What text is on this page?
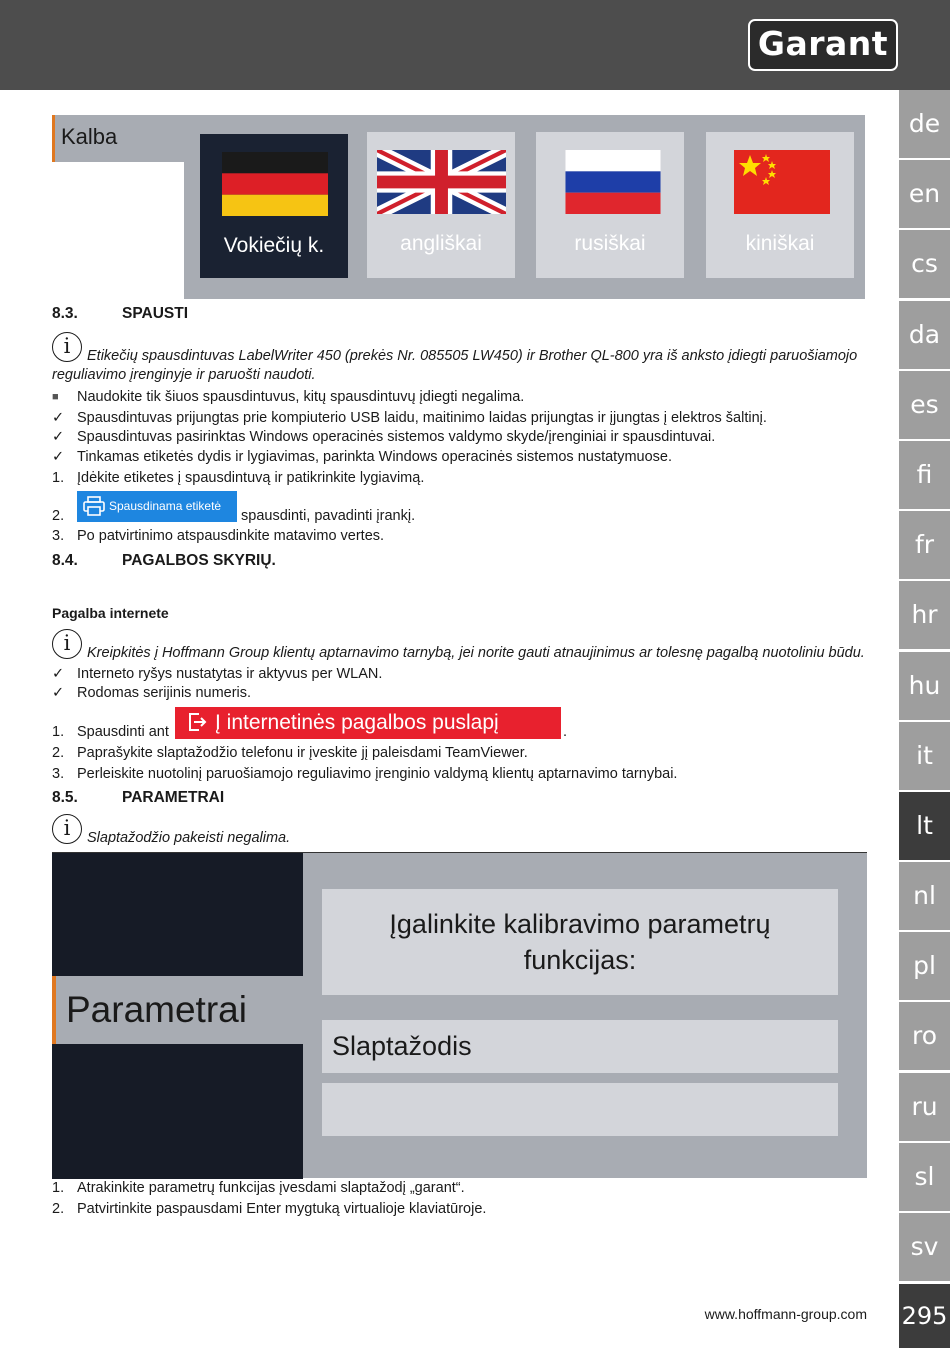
Garant
de
en
cs
da
es
fi
fr
hr
hu
it
lt
nl
pl
ro
ru
sl
sv
295
Kalba
Vokiečių k.	angliškai	rusiškai	kiniškai
8.3.	SPAUSTI
i	Etikečių spausdintuvas LabelWriter 450 (prekės Nr. 085505 LW450) ir Brother QL-800 yra iš anksto įdiegti paruošiamojo
reguliavimo įrenginyje ir paruošti naudoti.
■ Naudokite tik šiuos spausdintuvus, kitų spausdintuvų įdiegti negalima.
✓ Spausdintuvas prijungtas prie kompiuterio USB laidu, maitinimo laidas prijungtas ir įjungtas į elektros šaltinį.
✓ Spausdintuvas pasirinktas Windows operacinės sistemos valdymo skyde/įrenginiai ir spausdintuvai.
✓ Tinkamas etiketės dydis ir lygiavimas, parinkta Windows operacinės sistemos nustatymuose.
1. Įdėkite etiketes į spausdintuvą ir patikrinkite lygiavimą.
2.
Spausdinama etiketė
spausdinti, pavadinti įrankį.
3. Po patvirtinimo atspausdinkite matavimo vertes.
8.4.	PAGALBOS SKYRIŲ.
Pagalba internete
i	Kreipkitės į Hoffmann Group klientų aptarnavimo tarnybą, jei norite gauti atnaujinimus ar tolesnę pagalbą nuotoliniu būdu.
✓ Interneto ryšys nustatytas ir aktyvus per WLAN.
✓ Rodomas serijinis numeris.
1. Spausdinti ant	Į internetinės pagalbos puslapį	.
2. Paprašykite slaptažodžio telefonu ir įveskite jį paleisdami TeamViewer.
3. Perleiskite nuotolinį paruošiamojo reguliavimo įrenginio valdymą klientų aptarnavimo tarnybai.
8.5.	PARAMETRAI
i	Slaptažodžio pakeisti negalima.
Parametrai
Įgalinkite kalibravimo parametrų
funkcijas:
Slaptažodis
1. Atrakinkite parametrų funkcijas įvesdami slaptažodį „garant“.
2. Patvirtinkite paspausdami Enter mygtuką virtualioje klaviatūroje.
www.hoffmann-group.com
